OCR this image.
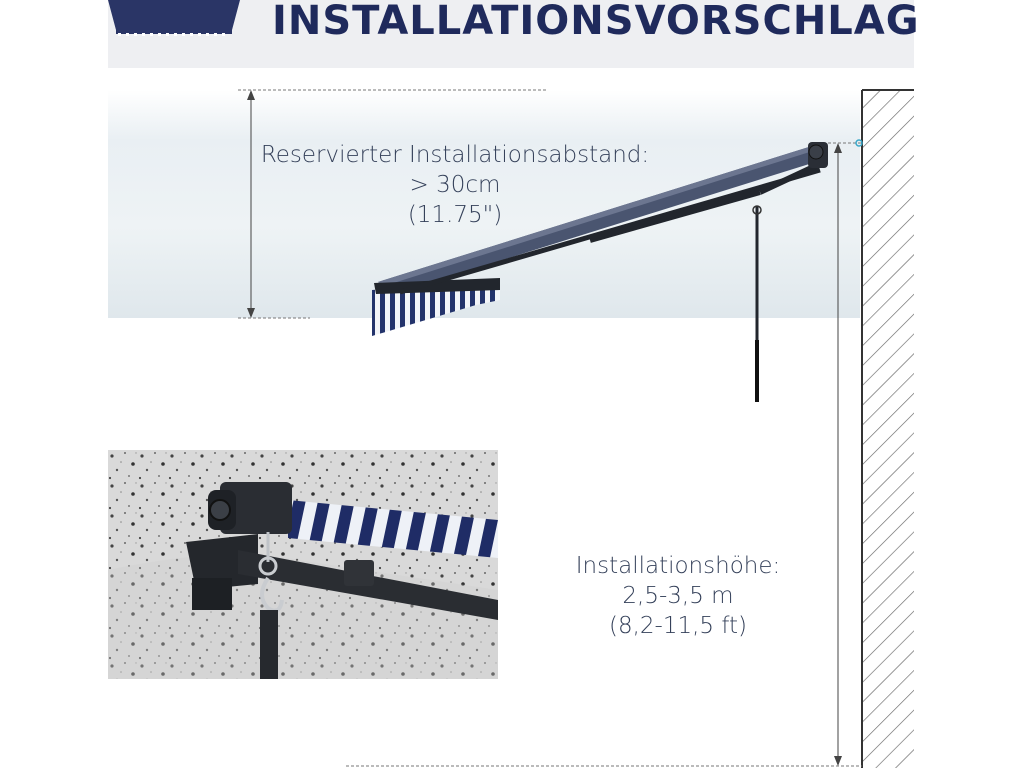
INSTALLATIONSVORSCHLAG
Reservierter Installationsabstand:
> 30cm
(11.75")
Installationshöhe:
2,5-3,5 m
(8,2-11,5 ft)
